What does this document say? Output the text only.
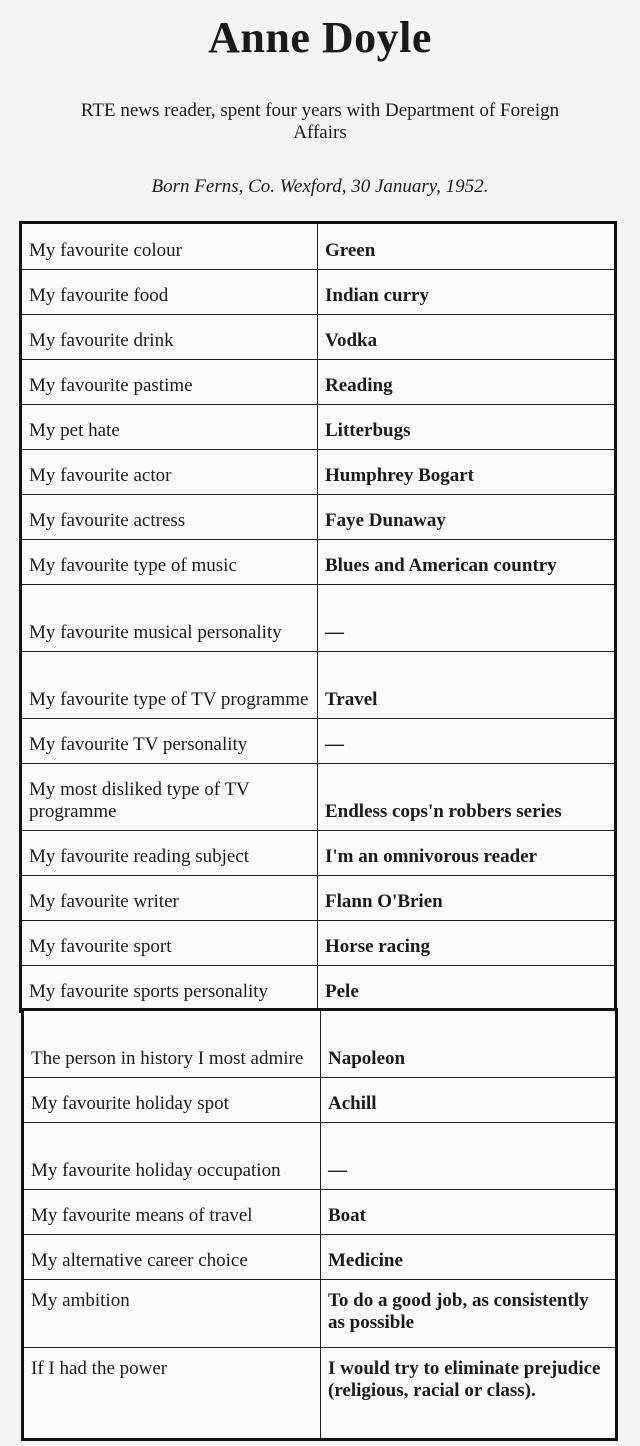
Anne Doyle
RTE news reader, spent four years with Department of Foreign Affairs
Born Ferns, Co. Wexford, 30 January, 1952.
My favourite colour	Green
My favourite food	Indian curry
My favourite drink	Vodka
My favourite pastime	Reading
My pet hate	Litterbugs
My favourite actor	Humphrey Bogart
My favourite actress	Faye Dunaway
My favourite type of music	Blues and American country
My favourite musical personality	—
My favourite type of TV programme	Travel
My favourite TV personality	—
My most disliked type of TV programme	Endless cops'n robbers series
My favourite reading subject	I'm an omnivorous reader
My favourite writer	Flann O'Brien
My favourite sport	Horse racing
My favourite sports personality	Pele
The person in history I most admire	Napoleon
My favourite holiday spot	Achill
My favourite holiday occupation	—
My favourite means of travel	Boat
My alternative career choice	Medicine
My ambition	To do a good job, as consistently as possible
If I had the power	I would try to eliminate prejudice (religious, racial or class).
